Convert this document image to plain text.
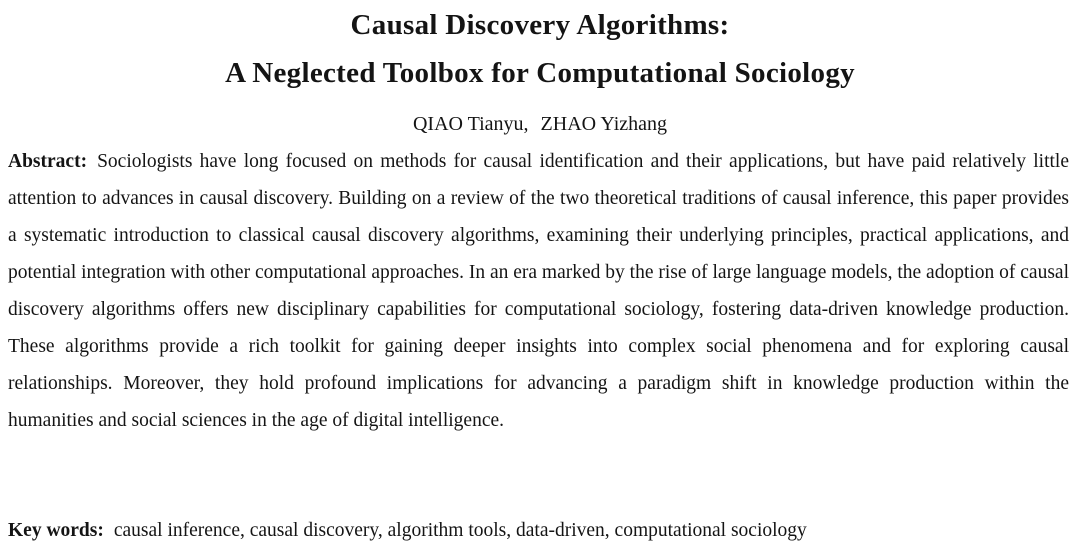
Causal Discovery Algorithms:
A Neglected Toolbox for Computational Sociology
QIAO Tianyu, ZHAO Yizhang

Abstract: Sociologists have long focused on methods for causal identification and their applications, but have paid relatively little attention to advances in causal discovery. Building on a review of the two theoretical traditions of causal inference, this paper provides a systematic introduction to classical causal discovery algorithms, examining their underlying principles, practical applications, and potential integration with other computational approaches. In an era marked by the rise of large language models, the adoption of causal discovery algorithms offers new disciplinary capabilities for computational sociology, fostering data-driven knowledge production. These algorithms provide a rich toolkit for gaining deeper insights into complex social phenomena and for exploring causal relationships. Moreover, they hold profound implications for advancing a paradigm shift in knowledge production within the humanities and social sciences in the age of digital intelligence.

Key words: causal inference, causal discovery, algorithm tools, data-driven, computational sociology
